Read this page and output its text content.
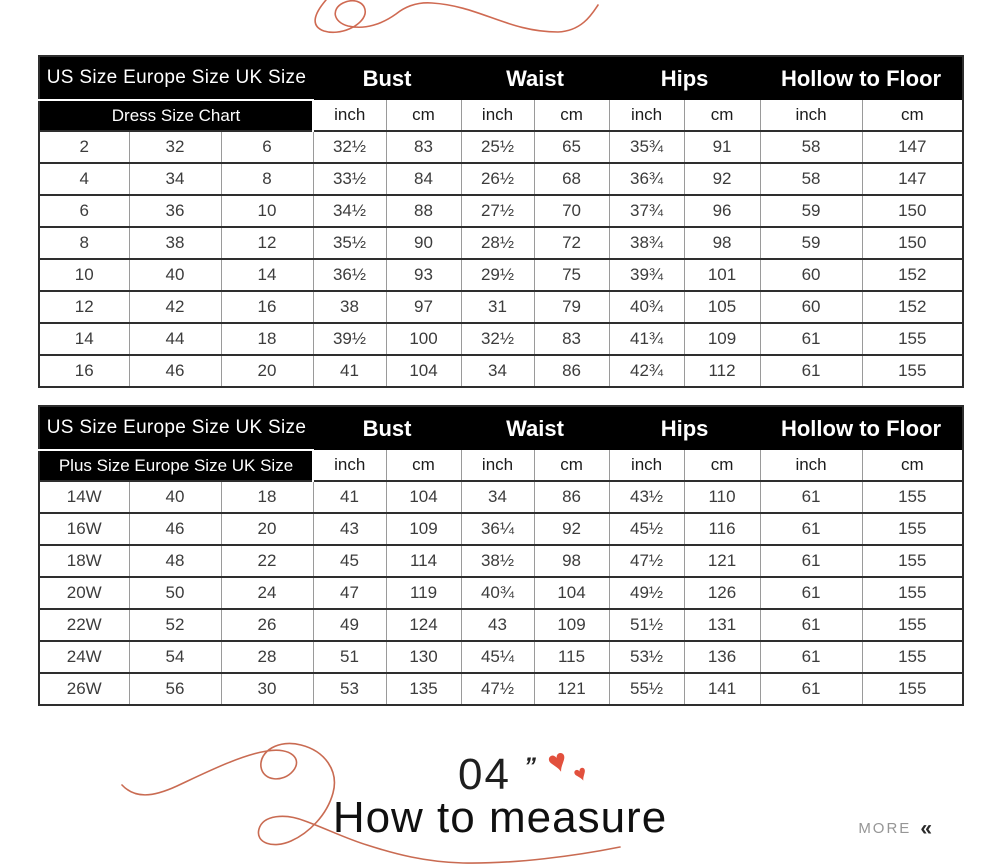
US Size Europe Size UK Size			Bust		Waist		Hips		Hollow to Floor	
Dress Size Chart			inch	cm	inch	cm	inch	cm	inch	cm
2	32	6	32½	83	25½	65	35¾	91	58	147
4	34	8	33½	84	26½	68	36¾	92	58	147
6	36	10	34½	88	27½	70	37¾	96	59	150
8	38	12	35½	90	28½	72	38¾	98	59	150
10	40	14	36½	93	29½	75	39¾	101	60	152
12	42	16	38	97	31	79	40¾	105	60	152
14	44	18	39½	100	32½	83	41¾	109	61	155
16	46	20	41	104	34	86	42¾	112	61	155
US Size Europe Size UK Size			Bust		Waist		Hips		Hollow to Floor	
Plus Size Europe Size UK Size			inch	cm	inch	cm	inch	cm	inch	cm
14W	40	18	41	104	34	86	43½	110	61	155
16W	46	20	43	109	36¼	92	45½	116	61	155
18W	48	22	45	114	38½	98	47½	121	61	155
20W	50	24	47	119	40¾	104	49½	126	61	155
22W	52	26	49	124	43	109	51½	131	61	155
24W	54	28	51	130	45¼	115	53½	136	61	155
26W	56	30	53	135	47½	121	55½	141	61	155
04 ” ♥
♥
How to measure	MORE «
